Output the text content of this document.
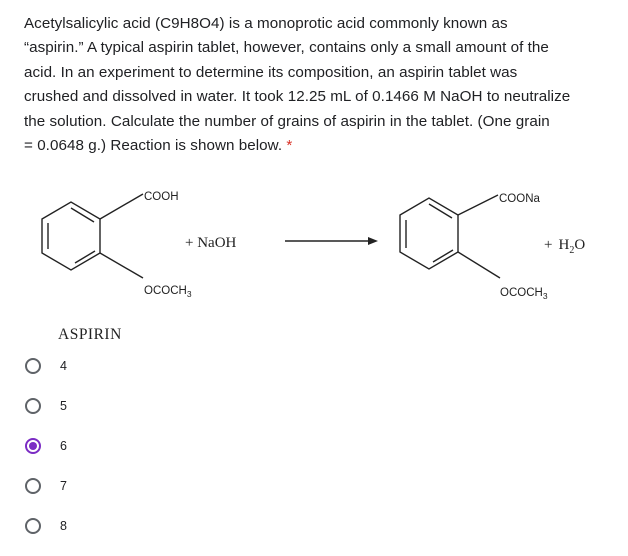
Acetylsalicylic acid (C9H8O4) is a monoprotic acid commonly known as

“aspirin.” A typical aspirin tablet, however, contains only a small amount of the

acid. In an experiment to determine its composition, an aspirin tablet was

crushed and dissolved in water. It took 12.25 mL of 0.1466 M NaOH to neutralize

the solution. Calculate the number of grains of aspirin in the tablet. (One grain

= 0.0648 g.) Reaction is shown below. *

COOH
$OCOCH_3$
+ NaOH
COONa
$OCOCH_3$
+ $H_2O$
ASPIRIN
4
5
6
7
8
